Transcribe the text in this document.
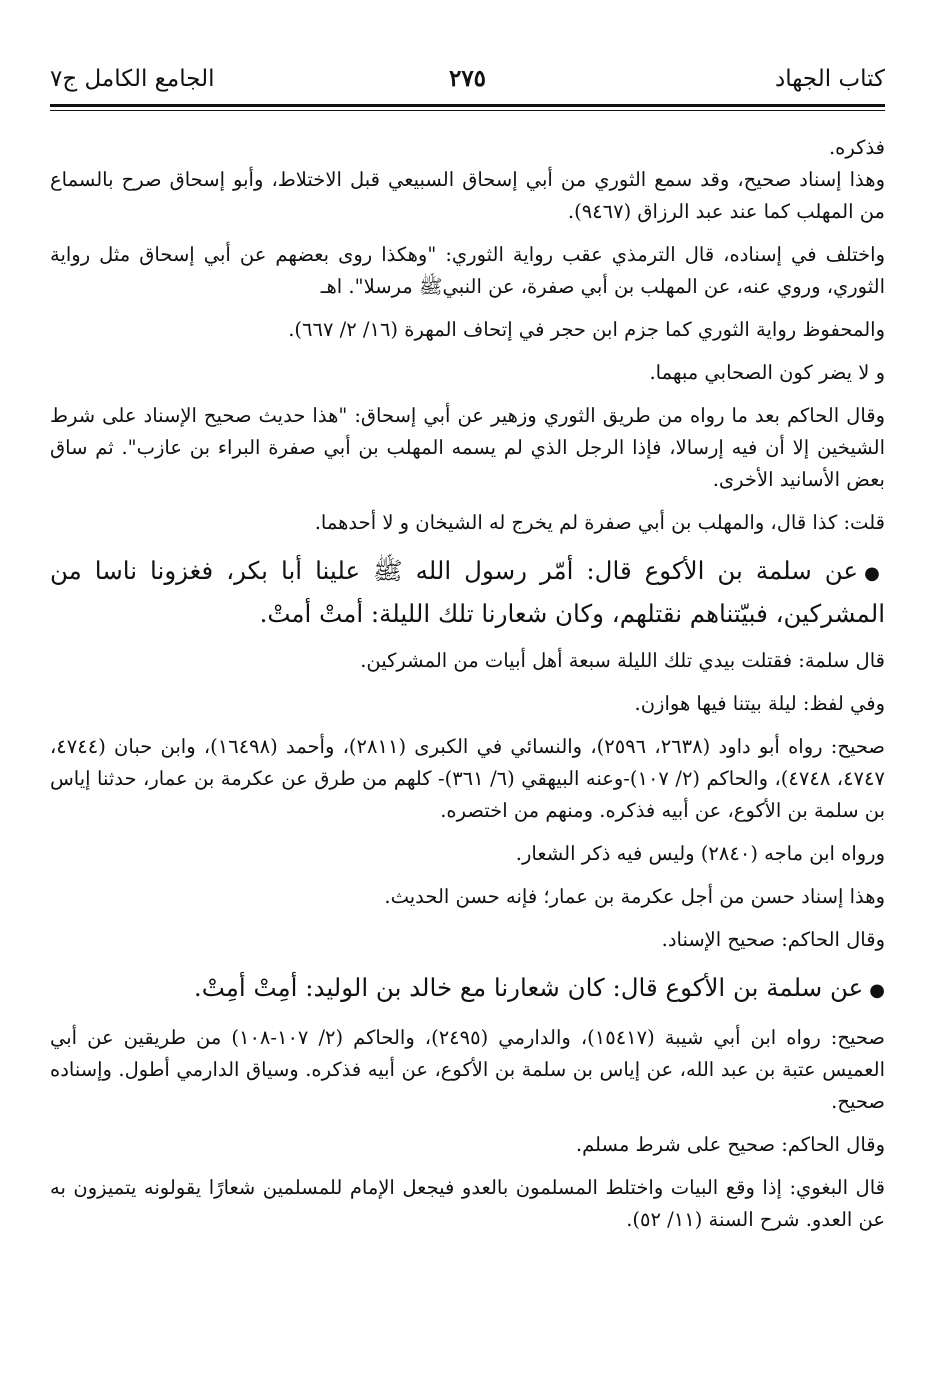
كتاب الجهاد
٢٧٥
الجامع الكامل ج٧

فذكره.

وهذا إسناد صحيح، وقد سمع الثوري من أبي إسحاق السبيعي قبل الاختلاط، وأبو إسحاق صرح بالسماع من المهلب كما عند عبد الرزاق (٩٤٦٧).

واختلف في إسناده، قال الترمذي عقب رواية الثوري: "وهكذا روى بعضهم عن أبي إسحاق مثل رواية الثوري، وروي عنه، عن المهلب بن أبي صفرة، عن النبيﷺ مرسلا". اهـ

والمحفوظ رواية الثوري كما جزم ابن حجر في إتحاف المهرة (١٦/ ٢/ ٦٦٧).

و لا يضر كون الصحابي مبهما.

وقال الحاكم بعد ما رواه من طريق الثوري وزهير عن أبي إسحاق: "هذا حديث صحيح الإسناد على شرط الشيخين إلا أن فيه إرسالا، فإذا الرجل الذي لم يسمه المهلب بن أبي صفرة البراء بن عازب". ثم ساق بعض الأسانيد الأخرى.

قلت: كذا قال، والمهلب بن أبي صفرة لم يخرج له الشيخان و لا أحدهما.

●عن سلمة بن الأكوع قال: أمّر رسول الله ﷺ علينا أبا بكر، فغزونا ناسا من المشركين، فبيّتناهم نقتلهم، وكان شعارنا تلك الليلة: أمتْ أمتْ.

قال سلمة: فقتلت بيدي تلك الليلة سبعة أهل أبيات من المشركين.

وفي لفظ: ليلة بيتنا فيها هوازن.

صحيح: رواه أبو داود (٢٦٣٨، ٢٥٩٦)، والنسائي في الكبرى (٢٨١١)، وأحمد (١٦٤٩٨)، وابن حبان (٤٧٤٤، ٤٧٤٧، ٤٧٤٨)، والحاكم (٢/ ١٠٧)-وعنه البيهقي (٦/ ٣٦١)- كلهم من طرق عن عكرمة بن عمار، حدثنا إياس بن سلمة بن الأكوع، عن أبيه فذكره. ومنهم من اختصره.

ورواه ابن ماجه (٢٨٤٠) وليس فيه ذكر الشعار.

وهذا إسناد حسن من أجل عكرمة بن عمار؛ فإنه حسن الحديث.

وقال الحاكم: صحيح الإسناد.

●عن سلمة بن الأكوع قال: كان شعارنا مع خالد بن الوليد: أمِتْ أمِتْ.

صحيح: رواه ابن أبي شيبة (١٥٤١٧)، والدارمي (٢٤٩٥)، والحاكم (٢/ ١٠٧-١٠٨) من طريقين عن أبي العميس عتبة بن عبد الله، عن إياس بن سلمة بن الأكوع، عن أبيه فذكره. وسياق الدارمي أطول. وإسناده صحيح.

وقال الحاكم: صحيح على شرط مسلم.

قال البغوي: إذا وقع البيات واختلط المسلمون بالعدو فيجعل الإمام للمسلمين شعارًا يقولونه يتميزون به عن العدو. شرح السنة (١١/ ٥٢).
